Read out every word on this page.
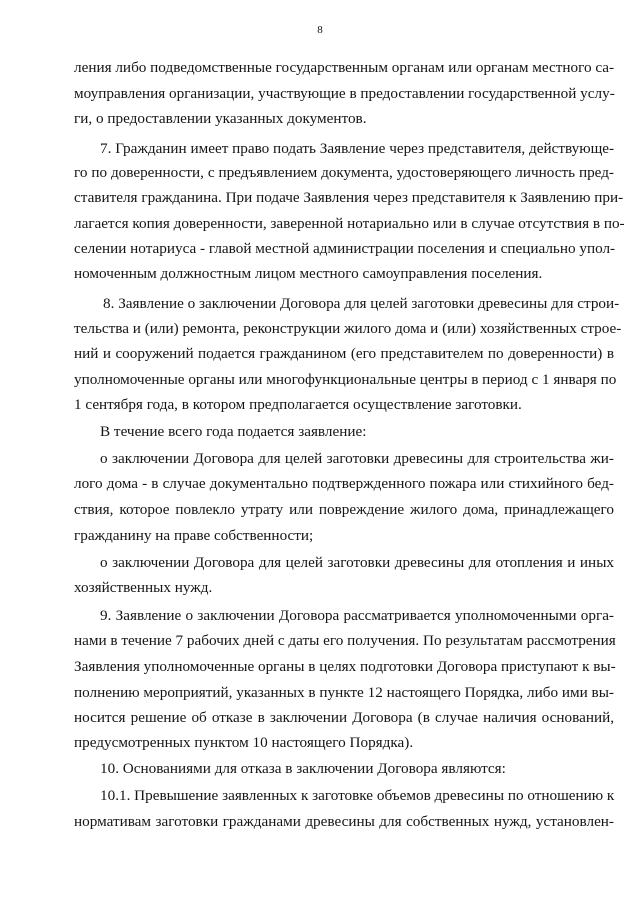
8
ления либо подведомственные государственным органам или органам местного са-
моуправления организации, участвующие в предоставлении государственной услу-
ги, о предоставлении указанных документов.
7. Гражданин имеет право подать Заявление через представителя, действующе-
го по доверенности, с предъявлением документа, удостоверяющего личность пред-
ставителя гражданина. При подаче Заявления через представителя к Заявлению при-
лагается копия доверенности, заверенной нотариально или в случае отсутствия в по-
селении нотариуса - главой местной администрации поселения и специально упол-
номоченным должностным лицом местного самоуправления поселения.
8. Заявление о заключении Договора для целей заготовки древесины для строи-
тельства и (или) ремонта, реконструкции жилого дома и (или) хозяйственных строе-
ний и сооружений подается гражданином (его представителем по доверенности) в
уполномоченные органы или многофункциональные центры в период с 1 января по
1 сентября года, в котором предполагается осуществление заготовки.
В течение всего года подается заявление:
о заключении Договора для целей заготовки древесины для строительства жи-
лого дома - в случае документально подтвержденного пожара или стихийного бед-
ствия, которое повлекло утрату или повреждение жилого дома, принадлежащего
гражданину на праве собственности;
о заключении Договора для целей заготовки древесины для отопления и иных
хозяйственных нужд.
9. Заявление о заключении Договора рассматривается уполномоченными орга-
нами в течение 7 рабочих дней с даты его получения. По результатам рассмотрения
Заявления уполномоченные органы в целях подготовки Договора приступают к вы-
полнению мероприятий, указанных в пункте 12 настоящего Порядка, либо ими вы-
носится решение об отказе в заключении Договора (в случае наличия оснований,
предусмотренных пунктом 10 настоящего Порядка).
10. Основаниями для отказа в заключении Договора являются:
10.1. Превышение заявленных к заготовке объемов древесины по отношению к
нормативам заготовки гражданами древесины для собственных нужд, установлен-
